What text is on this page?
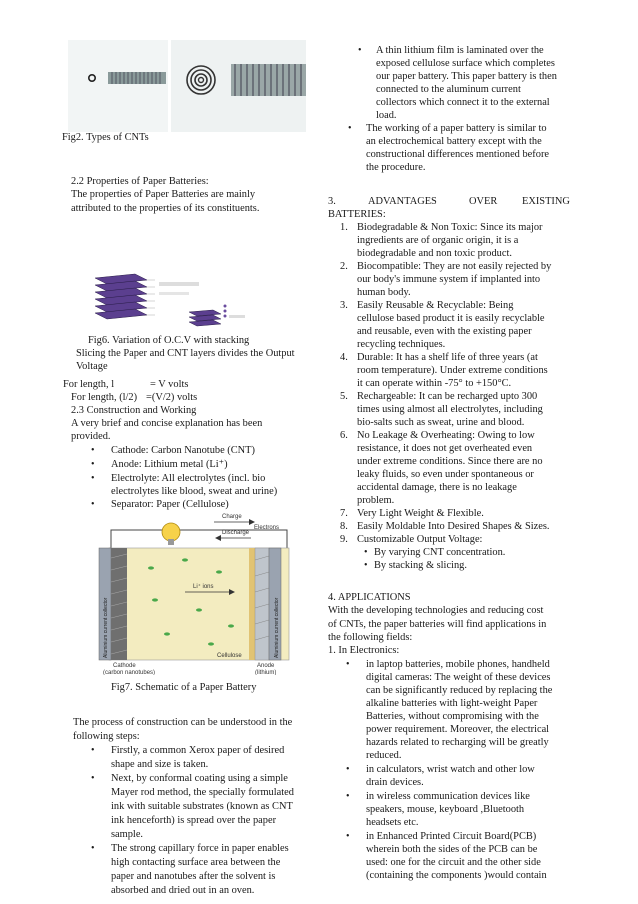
Fig2. Types of CNTs
2.2 Properties of Paper Batteries:
The properties of Paper Batteries are mainly
attributed to the properties of its constituents.
Fig6. Variation of O.C.V with stacking
Slicing the Paper and CNT layers divides the Output
Voltage
For length, l	= V volts
For length, (l/2) =(V/2) volts
2.3 Construction and Working
A very brief and concise explanation has been
provided.
• Cathode: Carbon Nanotube (CNT)
• Anode: Lithium metal (Li⁺)
• Electrolyte: All electrolytes (incl. bio
electrolytes like blood, sweat and urine)
• Separator: Paper (Cellulose)
Charge
Electrons
Discharge
Li⁺ ions
Cellulose
Cathode
(carbon nanotubes)
Anode
(lithium)
Aluminium current collector	Aluminium current collector
Fig7. Schematic of a Paper Battery
The process of construction can be understood in the
following steps:
• Firstly, a common Xerox paper of desired
shape and size is taken.
• Next, by conformal coating using a simple
Mayer rod method, the specially formulated
ink with suitable substrates (known as CNT
ink henceforth) is spread over the paper
sample.
• The strong capillary force in paper enables
high contacting surface area between the
paper and nanotubes after the solvent is
absorbed and dried out in an oven.
• A thin lithium film is laminated over the
exposed cellulose surface which completes
our paper battery. This paper battery is then
connected to the aluminum current
collectors which connect it to the external
load.
• The working of a paper battery is similar to
an electrochemical battery except with the
constructional differences mentioned before
the procedure.
3.	ADVANTAGES	OVER EXISTING
BATTERIES:
1. Biodegradable & Non Toxic: Since its major
ingredients are of organic origin, it is a
biodegradable and non toxic product.
2. Biocompatible: They are not easily rejected by
our body's immune system if implanted into
human body.
3. Easily Reusable & Recyclable: Being
cellulose based product it is easily recyclable
and reusable, even with the existing paper
recycling techniques.
4. Durable: It has a shelf life of three years (at
room temperature). Under extreme conditions
it can operate within -75° to +150°C.
5. Rechargeable: It can be recharged upto 300
times using almost all electrolytes, including
bio-salts such as sweat, urine and blood.
6. No Leakage & Overheating: Owing to low
resistance, it does not get overheated even
under extreme conditions. Since there are no
leaky fluids, so even under spontaneous or
accidental damage, there is no leakage
problem.
7. Very Light Weight & Flexible.
8. Easily Moldable Into Desired Shapes & Sizes.
9. Customizable Output Voltage:
• By varying CNT concentration.
• By stacking & slicing.
4. APPLICATIONS
With the developing technologies and reducing cost
of CNTs, the paper batteries will find applications in
the following fields:
1. In Electronics:
• in laptop batteries, mobile phones, handheld
digital cameras: The weight of these devices
can be significantly reduced by replacing the
alkaline batteries with light-weight Paper
Batteries, without compromising with the
power requirement. Moreover, the electrical
hazards related to recharging will be greatly
reduced.
• in calculators, wrist watch and other low
drain devices.
• in wireless communication devices like
speakers, mouse, keyboard ,Bluetooth
headsets etc.
• in Enhanced Printed Circuit Board(PCB)
wherein both the sides of the PCB can be
used: one for the circuit and the other side
(containing the components )would contain
